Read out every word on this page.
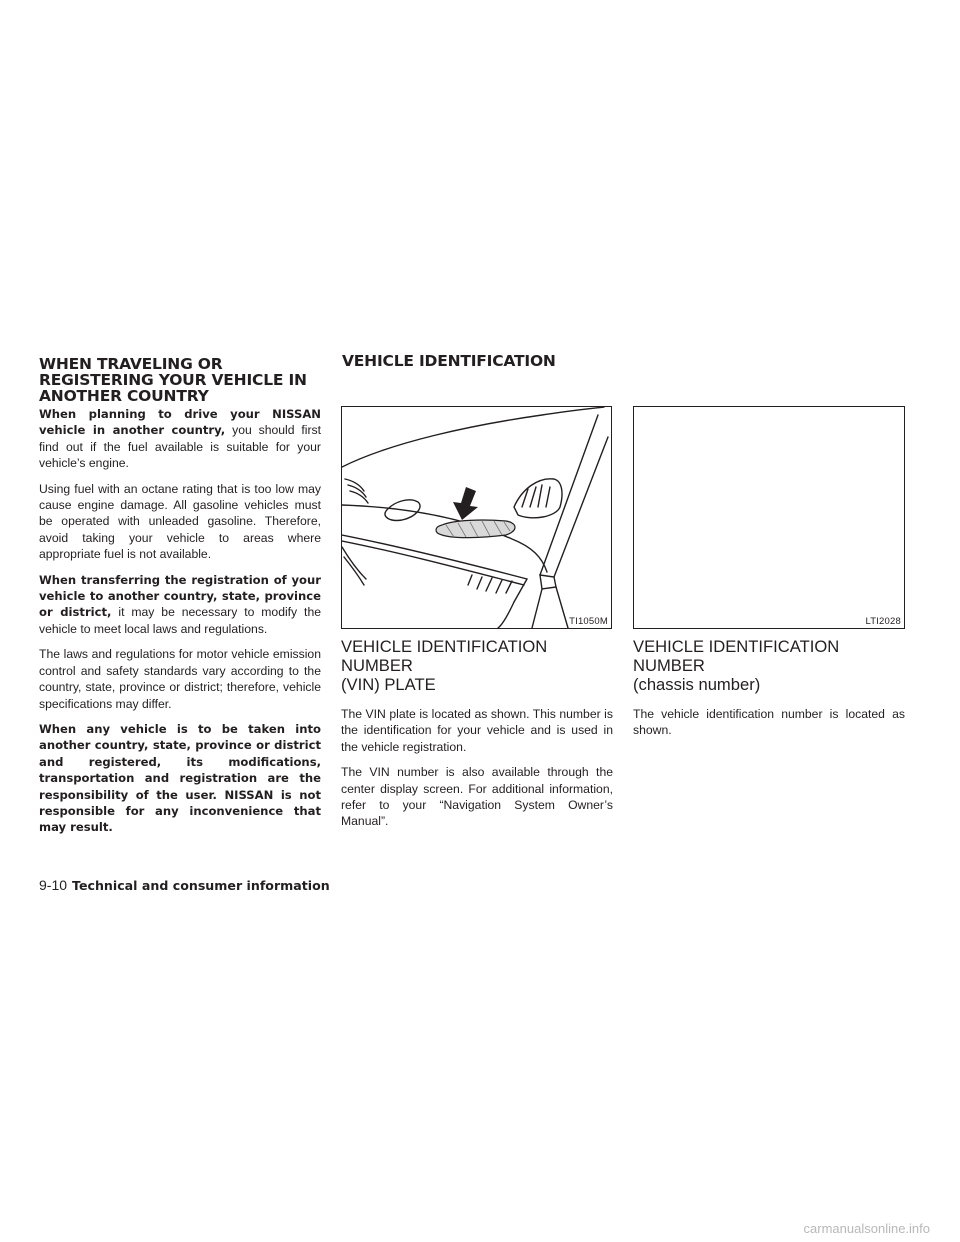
WHEN TRAVELING OR REGISTERING YOUR VEHICLE IN ANOTHER COUNTRY

When planning to drive your NISSAN vehicle in another country, you should first find out if the fuel available is suitable for your vehicle’s engine.

Using fuel with an octane rating that is too low may cause engine damage. All gasoline vehicles must be operated with unleaded gasoline. Therefore, avoid taking your vehicle to areas where appropriate fuel is not available.

When transferring the registration of your vehicle to another country, state, province or district, it may be necessary to modify the vehicle to meet local laws and regulations.

The laws and regulations for motor vehicle emission control and safety standards vary according to the country, state, province or district; therefore, vehicle specifications may differ.

When any vehicle is to be taken into another country, state, province or district and registered, its modifications, transportation and registration are the responsibility of the user. NISSAN is not responsible for any inconvenience that may result.

VEHICLE IDENTIFICATION
TI1050M	LTI2028
VEHICLE IDENTIFICATION NUMBER
(VIN) PLATE

The VIN plate is located as shown. This number is the identification for your vehicle and is used in the vehicle registration.

The VIN number is also available through the center display screen. For additional information, refer to your “Navigation System Owner’s Manual”.

VEHICLE IDENTIFICATION NUMBER
(chassis number)

The vehicle identification number is located as shown.

9-10 Technical and consumer information
carmanualsonline.info
